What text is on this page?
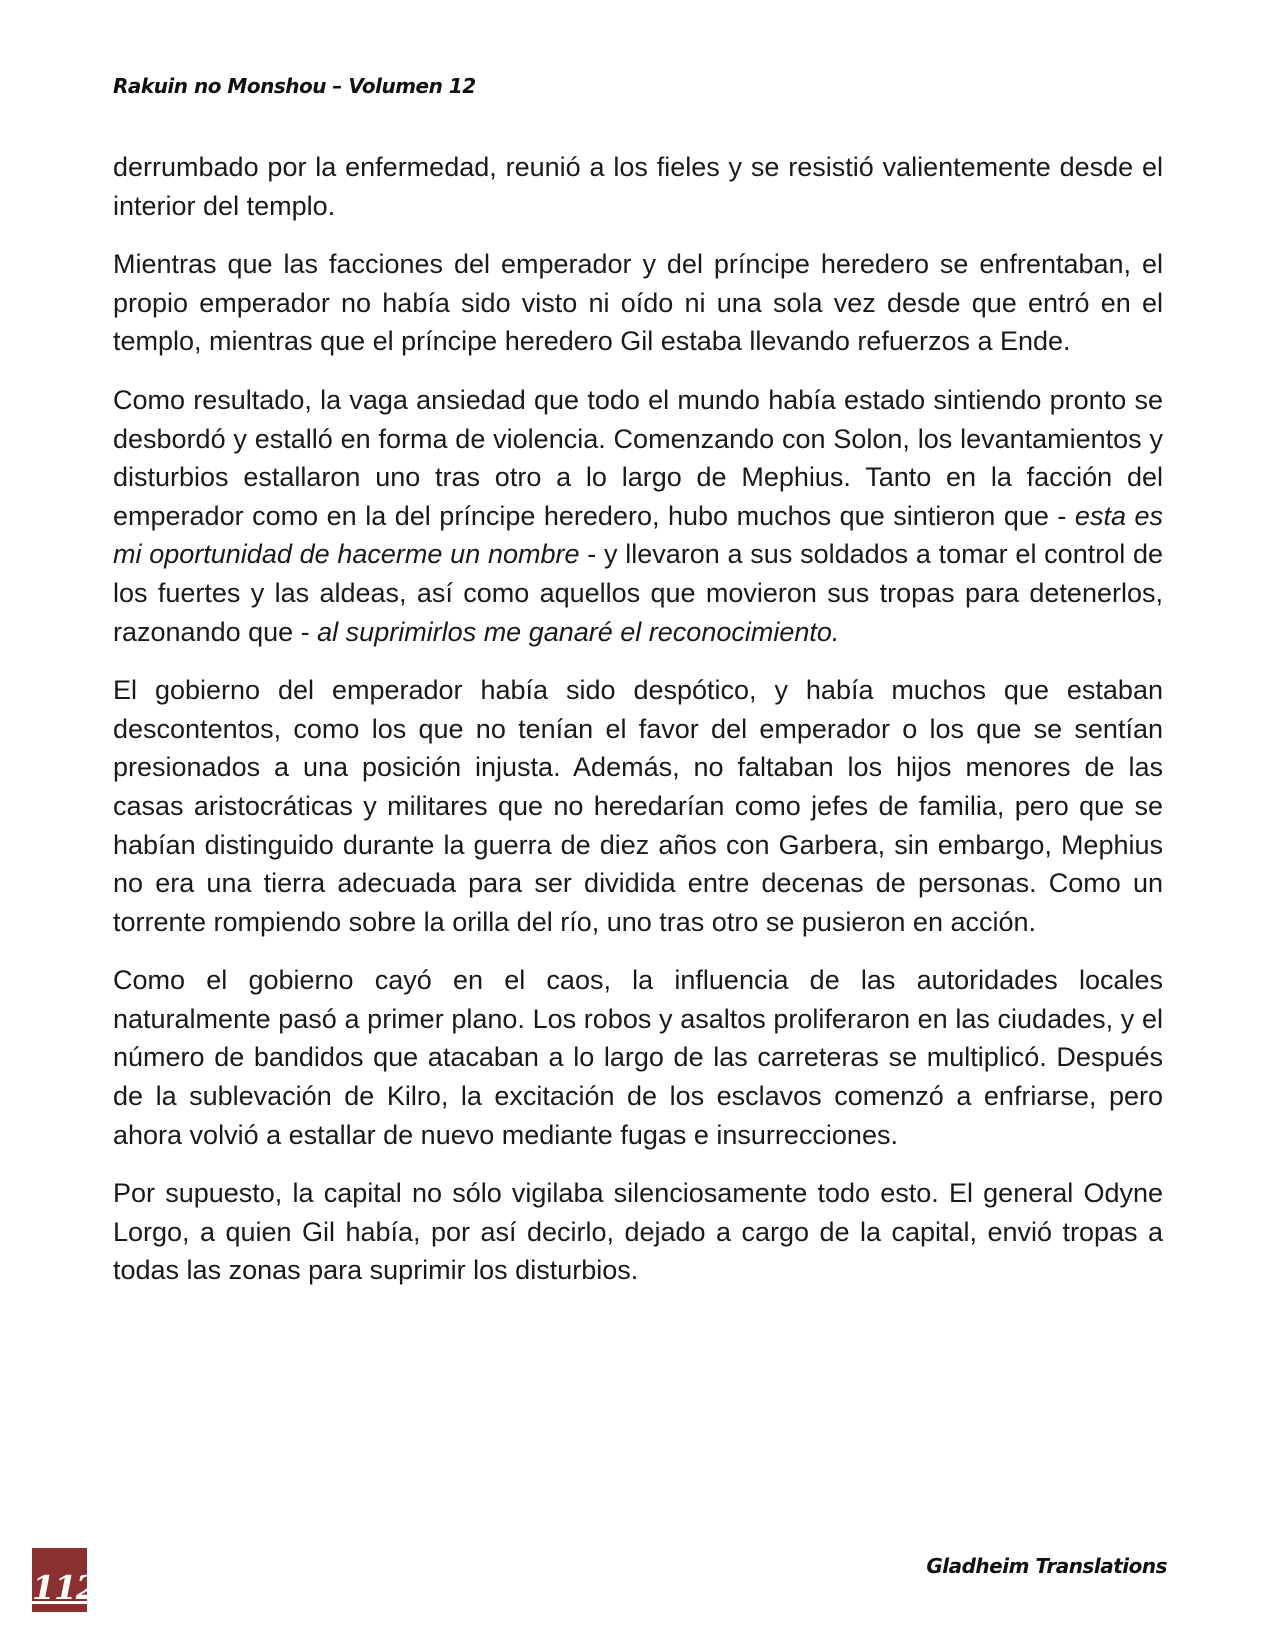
Rakuin no Monshou – Volumen 12

derrumbado por la enfermedad, reunió a los fieles y se resistió valientemente desde el interior del templo.

Mientras que las facciones del emperador y del príncipe heredero se enfrentaban, el propio emperador no había sido visto ni oído ni una sola vez desde que entró en el templo, mientras que el príncipe heredero Gil estaba llevando refuerzos a Ende.

Como resultado, la vaga ansiedad que todo el mundo había estado sintiendo pronto se desbordó y estalló en forma de violencia. Comenzando con Solon, los levantamientos y disturbios estallaron uno tras otro a lo largo de Mephius. Tanto en la facción del emperador como en la del príncipe heredero, hubo muchos que sintieron que - esta es mi oportunidad de hacerme un nombre - y llevaron a sus soldados a tomar el control de los fuertes y las aldeas, así como aquellos que movieron sus tropas para detenerlos, razonando que - al suprimirlos me ganaré el reconocimiento.

El gobierno del emperador había sido despótico, y había muchos que estaban descontentos, como los que no tenían el favor del emperador o los que se sentían presionados a una posición injusta. Además, no faltaban los hijos menores de las casas aristocráticas y militares que no heredarían como jefes de familia, pero que se habían distinguido durante la guerra de diez años con Garbera, sin embargo, Mephius no era una tierra adecuada para ser dividida entre decenas de personas. Como un torrente rompiendo sobre la orilla del río, uno tras otro se pusieron en acción.

Como el gobierno cayó en el caos, la influencia de las autoridades locales naturalmente pasó a primer plano. Los robos y asaltos proliferaron en las ciudades, y el número de bandidos que atacaban a lo largo de las carreteras se multiplicó. Después de la sublevación de Kilro, la excitación de los esclavos comenzó a enfriarse, pero ahora volvió a estallar de nuevo mediante fugas e insurrecciones.

Por supuesto, la capital no sólo vigilaba silenciosamente todo esto. El general Odyne Lorgo, a quien Gil había, por así decirlo, dejado a cargo de la capital, envió tropas a todas las zonas para suprimir los disturbios.

112
Gladheim Translations
